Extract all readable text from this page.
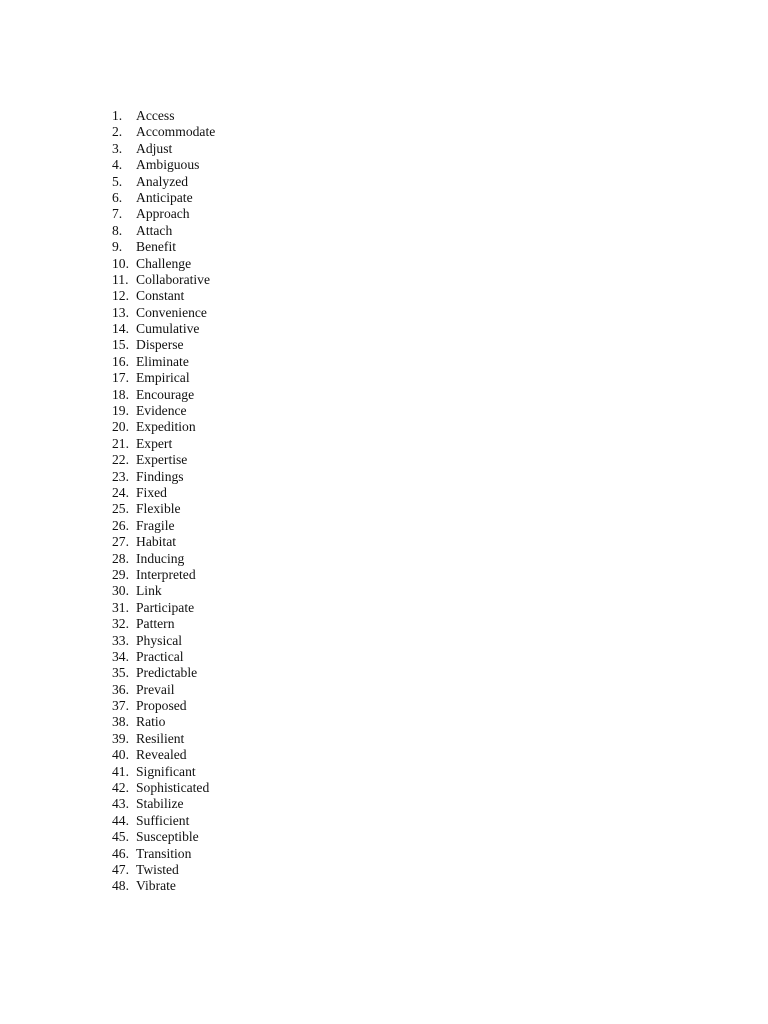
1.	Access
2.	Accommodate
3.	Adjust
4.	Ambiguous
5.	Analyzed
6.	Anticipate
7.	Approach
8.	Attach
9.	Benefit
10. Challenge
11. Collaborative
12. Constant
13. Convenience
14. Cumulative
15. Disperse
16. Eliminate
17. Empirical
18. Encourage
19. Evidence
20. Expedition
21. Expert
22. Expertise
23. Findings
24. Fixed
25. Flexible
26. Fragile
27. Habitat
28. Inducing
29. Interpreted
30. Link
31. Participate
32. Pattern
33. Physical
34. Practical
35. Predictable
36. Prevail
37. Proposed
38. Ratio
39. Resilient
40. Revealed
41. Significant
42. Sophisticated
43. Stabilize
44. Sufficient
45. Susceptible
46. Transition
47. Twisted
48. Vibrate
